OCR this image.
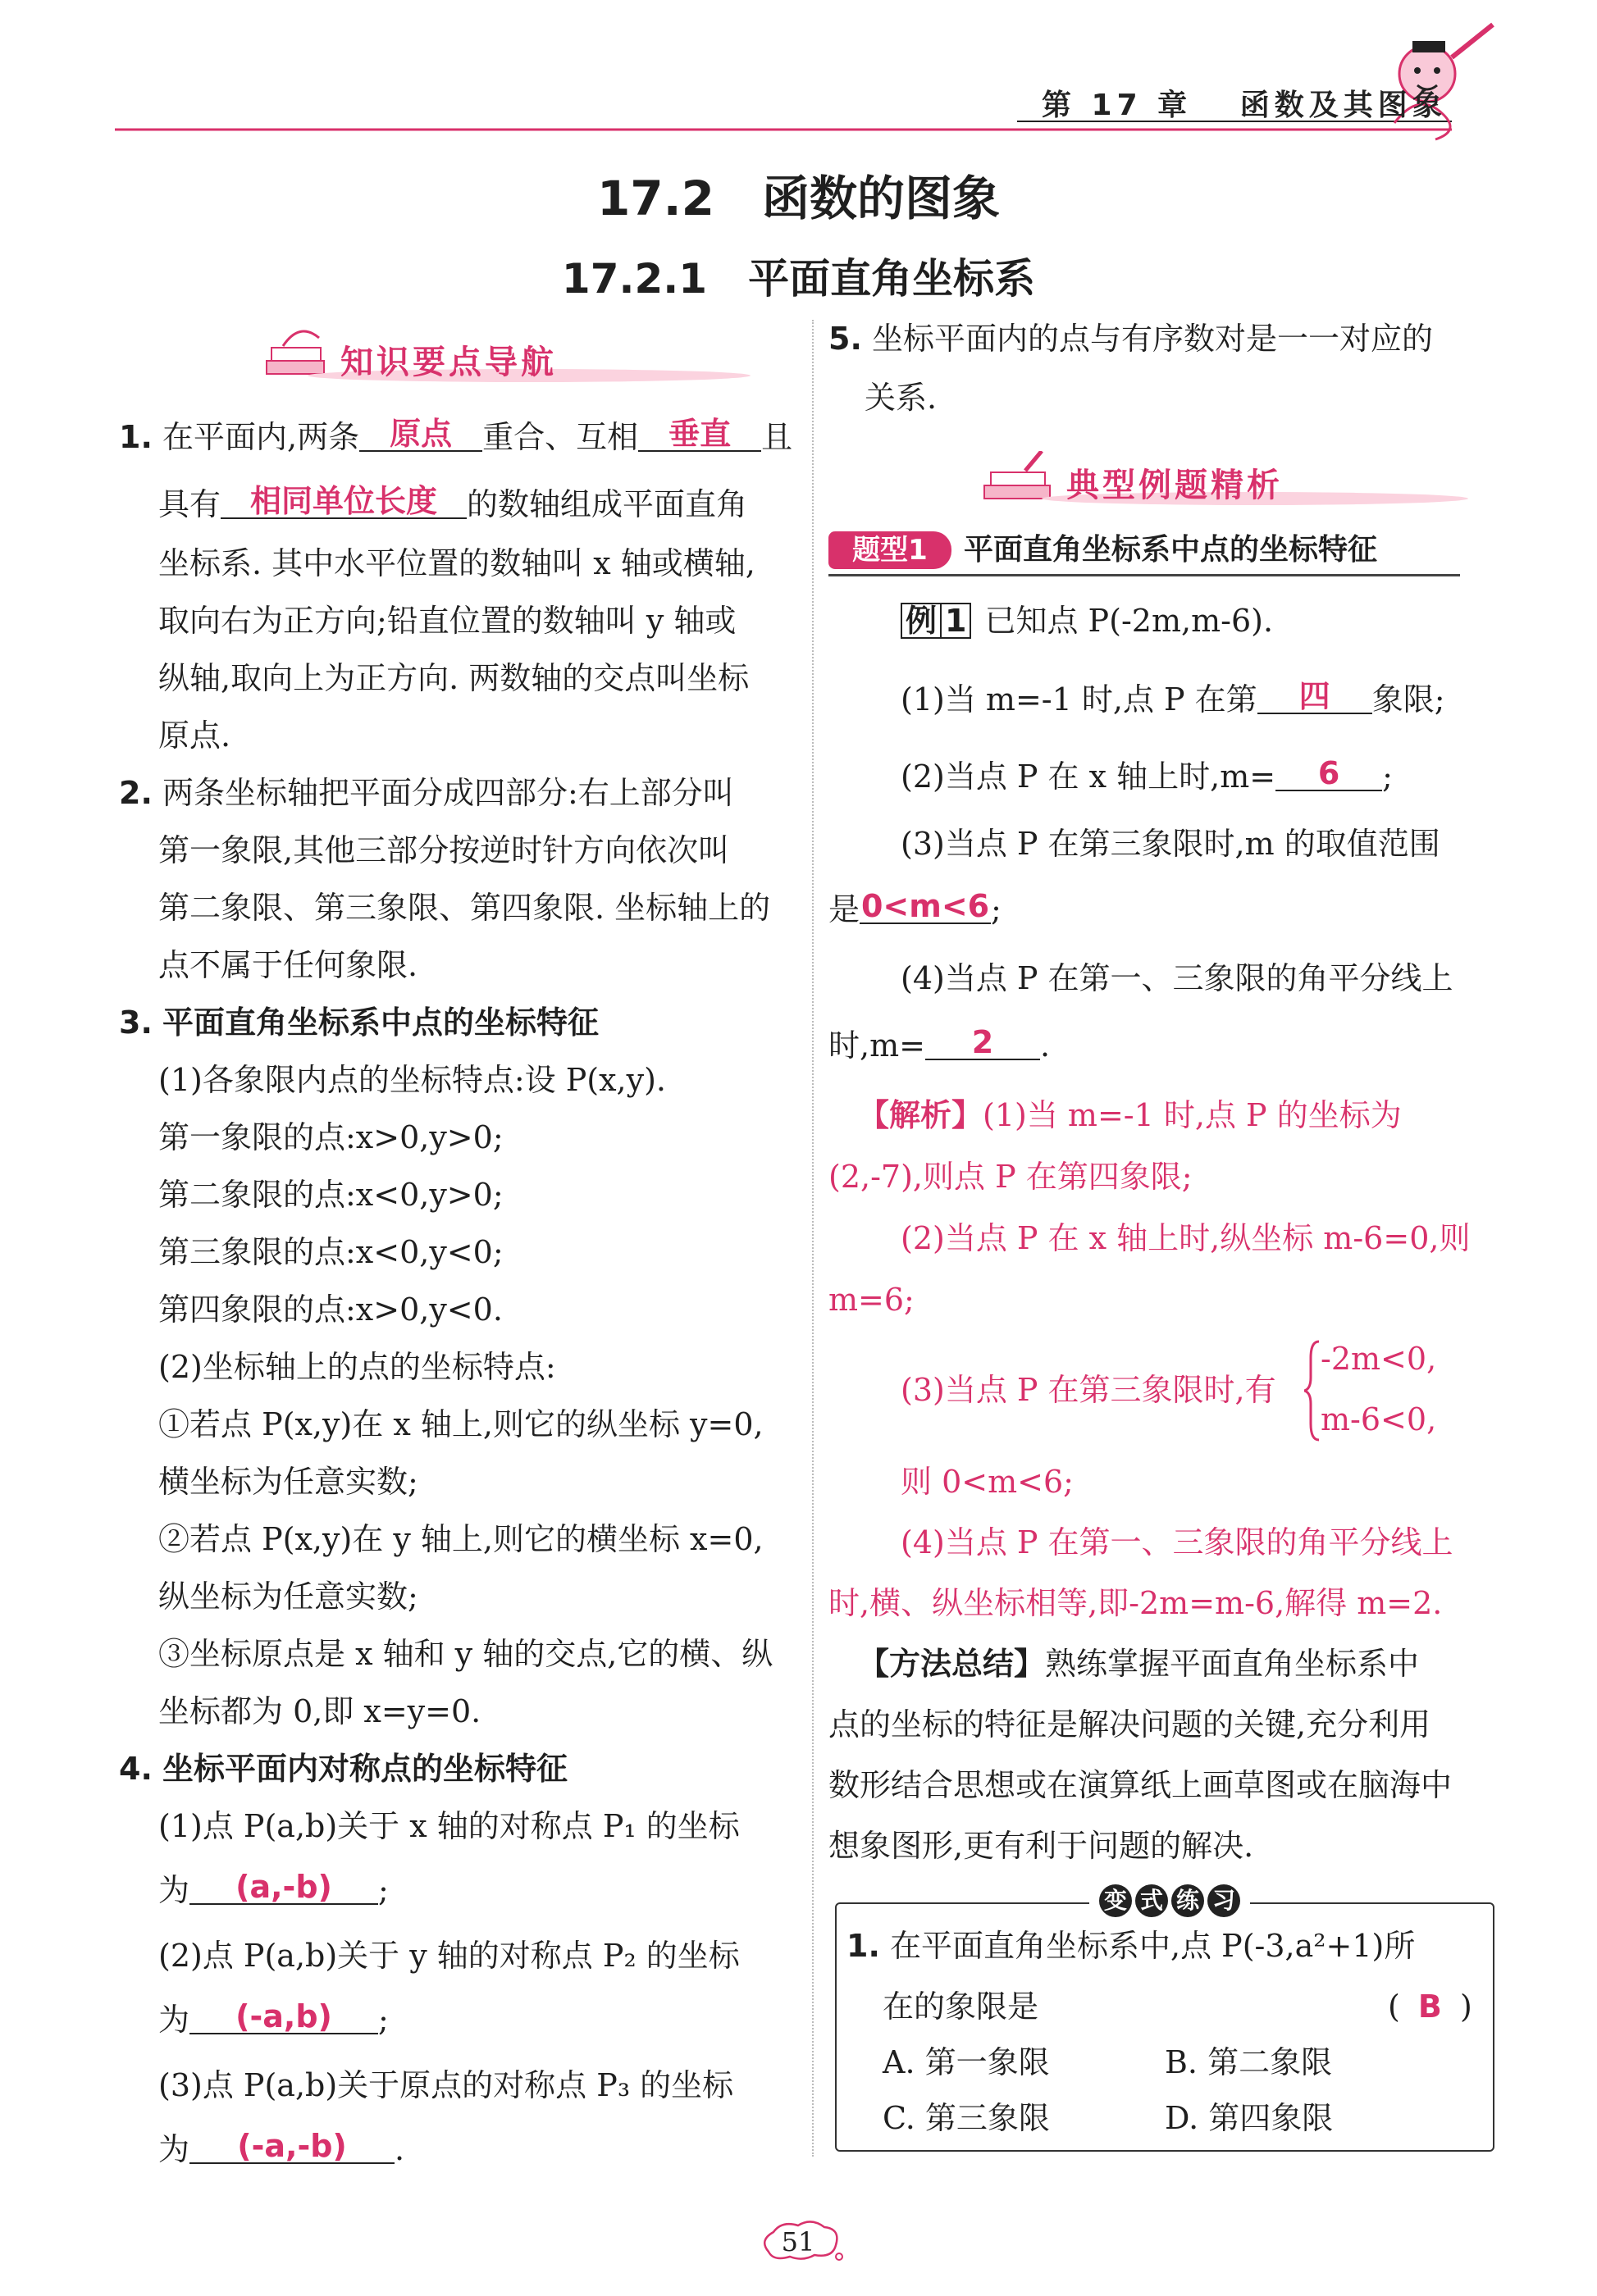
第 17 章 函数及其图象
17.2　函数的图象
17.2.1　平面直角坐标系
知识要点导航
1. 在平面内,两条 原点 重合、互相 垂直 且
具有 相同单位长度 的数轴组成平面直角
坐标系. 其中水平位置的数轴叫 x 轴或横轴,
取向右为正方向;铅直位置的数轴叫 y 轴或
纵轴,取向上为正方向. 两数轴的交点叫坐标
原点.
2. 两条坐标轴把平面分成四部分:右上部分叫
第一象限,其他三部分按逆时针方向依次叫
第二象限、第三象限、第四象限. 坐标轴上的
点不属于任何象限.
3. 平面直角坐标系中点的坐标特征
(1)各象限内点的坐标特点:设 P(x,y).
第一象限的点:x>0,y>0;
第二象限的点:x<0,y>0;
第三象限的点:x<0,y<0;
第四象限的点:x>0,y<0.
(2)坐标轴上的点的坐标特点:
①若点 P(x,y)在 x 轴上,则它的纵坐标 y=0,
横坐标为任意实数;
②若点 P(x,y)在 y 轴上,则它的横坐标 x=0,
纵坐标为任意实数;
③坐标原点是 x 轴和 y 轴的交点,它的横、纵
坐标都为 0,即 x=y=0.
4. 坐标平面内对称点的坐标特征
(1)点 P(a,b)关于 x 轴的对称点 P₁ 的坐标
为 (a,-b) ;
(2)点 P(a,b)关于 y 轴的对称点 P₂ 的坐标
为 (-a,b) ;
(3)点 P(a,b)关于原点的对称点 P₃ 的坐标
为 (-a,-b) .
5. 坐标平面内的点与有序数对是一一对应的
关系.
典型例题精析
题型1	平面直角坐标系中点的坐标特征
例 1 已知点 P(-2m,m-6).
(1)当 m=-1 时,点 P 在第 四 象限;
(2)当点 P 在 x 轴上时,m= 6 ;
(3)当点 P 在第三象限时,m 的取值范围
是0<m<6;
(4)当点 P 在第一、三象限的角平分线上
时,m= 2 .
【解析】(1)当 m=-1 时,点 P 的坐标为
(2,-7),则点 P 在第四象限;
(2)当点 P 在 x 轴上时,纵坐标 m-6=0,则
m=6;
(3)当点 P 在第三象限时,有
-2m<0,
m-6<0,
则 0<m<6;
(4)当点 P 在第一、三象限的角平分线上
时,横、纵坐标相等,即-2m=m-6,解得 m=2.
【方法总结】熟练掌握平面直角坐标系中
点的坐标的特征是解决问题的关键,充分利用
数形结合思想或在演算纸上画草图或在脑海中
想象图形,更有利于问题的解决.
变 式 练 习
1. 在平面直角坐标系中,点 P(-3,a²+1)所
在的象限是	( B )
A. 第一象限	B. 第二象限
C. 第三象限	D. 第四象限
51
